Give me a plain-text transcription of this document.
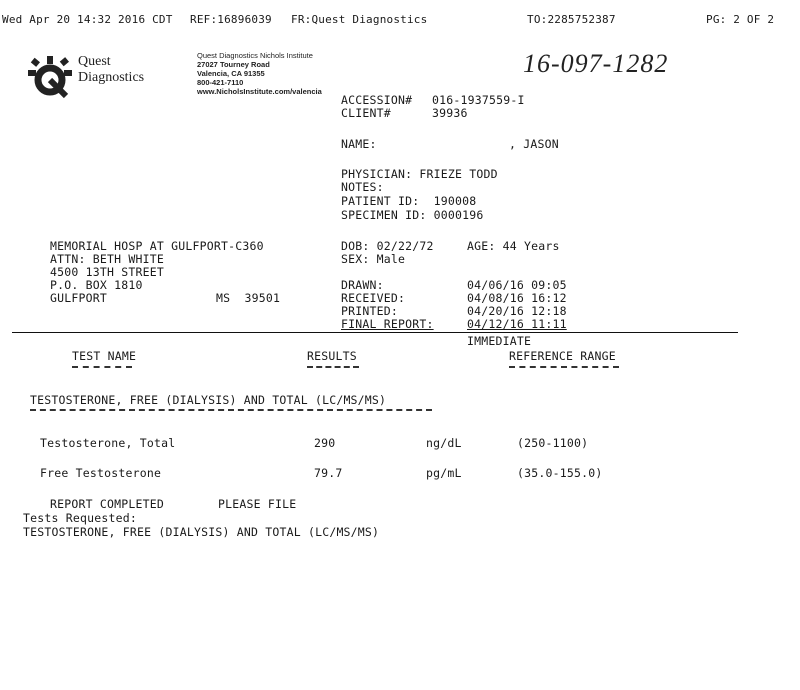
Wed Apr 20 14:32 2016 CDT REF:16896039 FR:Quest Diagnostics	TO:2285752387	PG: 2 OF 2
Quest
Diagnostics
Quest Diagnostics Nichols Institute
27027 Tourney Road
Valencia, CA 91355
800-421-7110
www.NicholsInstitute.com/valencia
16-097-1282
ACCESSION# 016-1937559-I
CLIENT#	39936
NAME:	, JASON
PHYSICIAN: FRIEZE TODD
NOTES:
PATIENT ID:  190008
SPECIMEN ID: 0000196
MEMORIAL HOSP AT GULFPORT-C360
ATTN: BETH WHITE
4500 13TH STREET
P.O. BOX 1810
GULFPORT	MS  39501
DOB: 02/22/72	AGE: 44 Years
SEX: Male
DRAWN:	04/06/16 09:05
RECEIVED:	04/08/16 16:12
PRINTED:	04/20/16 12:18
FINAL REPORT:	04/12/16 11:11
IMMEDIATE
TEST NAME	RESULTS	REFERENCE RANGE
TESTOSTERONE, FREE (DIALYSIS) AND TOTAL (LC/MS/MS)
Testosterone, Total	290	ng/dL	(250-1100)
Free Testosterone	79.7	pg/mL	(35.0-155.0)
REPORT COMPLETED	PLEASE FILE
Tests Requested:
TESTOSTERONE, FREE (DIALYSIS) AND TOTAL (LC/MS/MS)
